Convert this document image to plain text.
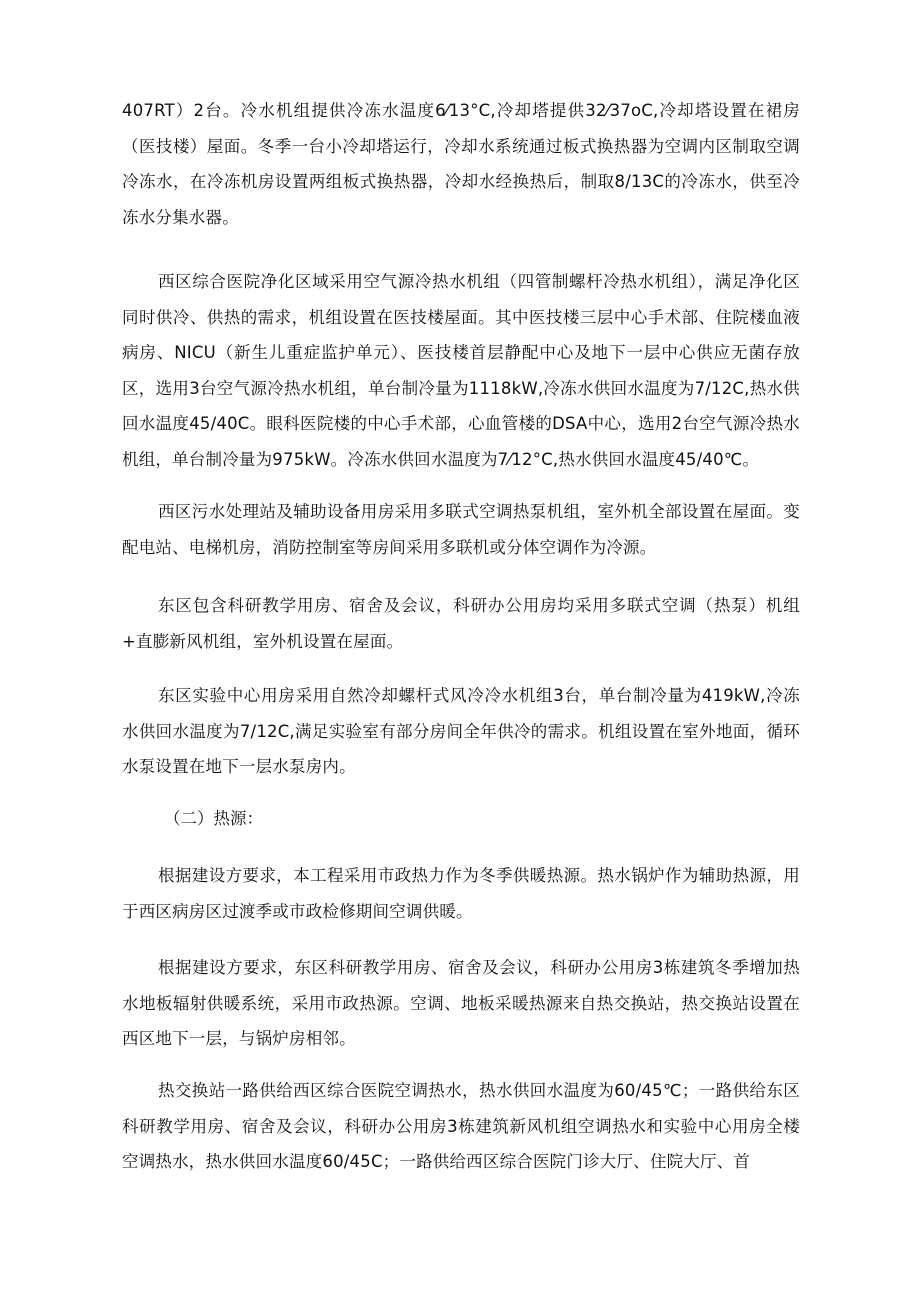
407RT）2台。冷水机组提供冷冻水温度6⁄13°C,冷却塔提供32⁄37oC,冷却塔设置在裙房（医技楼）屋面。冬季一台小冷却塔运行，冷却水系统通过板式换热器为空调内区制取空调冷冻水，在冷冻机房设置两组板式换热器，冷却水经换热后，制取8/13C的冷冻水，供至冷冻水分集水器。

西区综合医院净化区域采用空气源冷热水机组（四管制螺杆冷热水机组），满足净化区同时供冷、供热的需求，机组设置在医技楼屋面。其中医技楼三层中心手术部、住院楼血液病房、NICU（新生儿重症监护单元）、医技楼首层静配中心及地下一层中心供应无菌存放区，选用3台空气源冷热水机组，单台制冷量为1118kW,冷冻水供回水温度为7/12C,热水供回水温度45/40C。眼科医院楼的中心手术部，心血管楼的DSA中心，选用2台空气源冷热水机组，单台制冷量为975kW。冷冻水供回水温度为7⁄12°C,热水供回水温度45/40℃。

西区污水处理站及辅助设备用房采用多联式空调热泵机组，室外机全部设置在屋面。变配电站、电梯机房，消防控制室等房间采用多联机或分体空调作为冷源。

东区包含科研教学用房、宿舍及会议，科研办公用房均采用多联式空调（热泵）机组+直膨新风机组，室外机设置在屋面。

东区实验中心用房采用自然冷却螺杆式风冷冷水机组3台，单台制冷量为419kW,冷冻水供回水温度为7/12C,满足实验室有部分房间全年供冷的需求。机组设置在室外地面，循环水泵设置在地下一层水泵房内。

（二）热源：

根据建设方要求，本工程采用市政热力作为冬季供暖热源。热水锅炉作为辅助热源，用于西区病房区过渡季或市政检修期间空调供暖。

根据建设方要求，东区科研教学用房、宿舍及会议，科研办公用房3栋建筑冬季增加热水地板辐射供暖系统，采用市政热源。空调、地板采暖热源来自热交换站，热交换站设置在西区地下一层，与锅炉房相邻。

热交换站一路供给西区综合医院空调热水，热水供回水温度为60/45℃；一路供给东区科研教学用房、宿舍及会议，科研办公用房3栋建筑新风机组空调热水和实验中心用房全楼空调热水，热水供回水温度60/45C；一路供给西区综合医院门诊大厅、住院大厅、首
